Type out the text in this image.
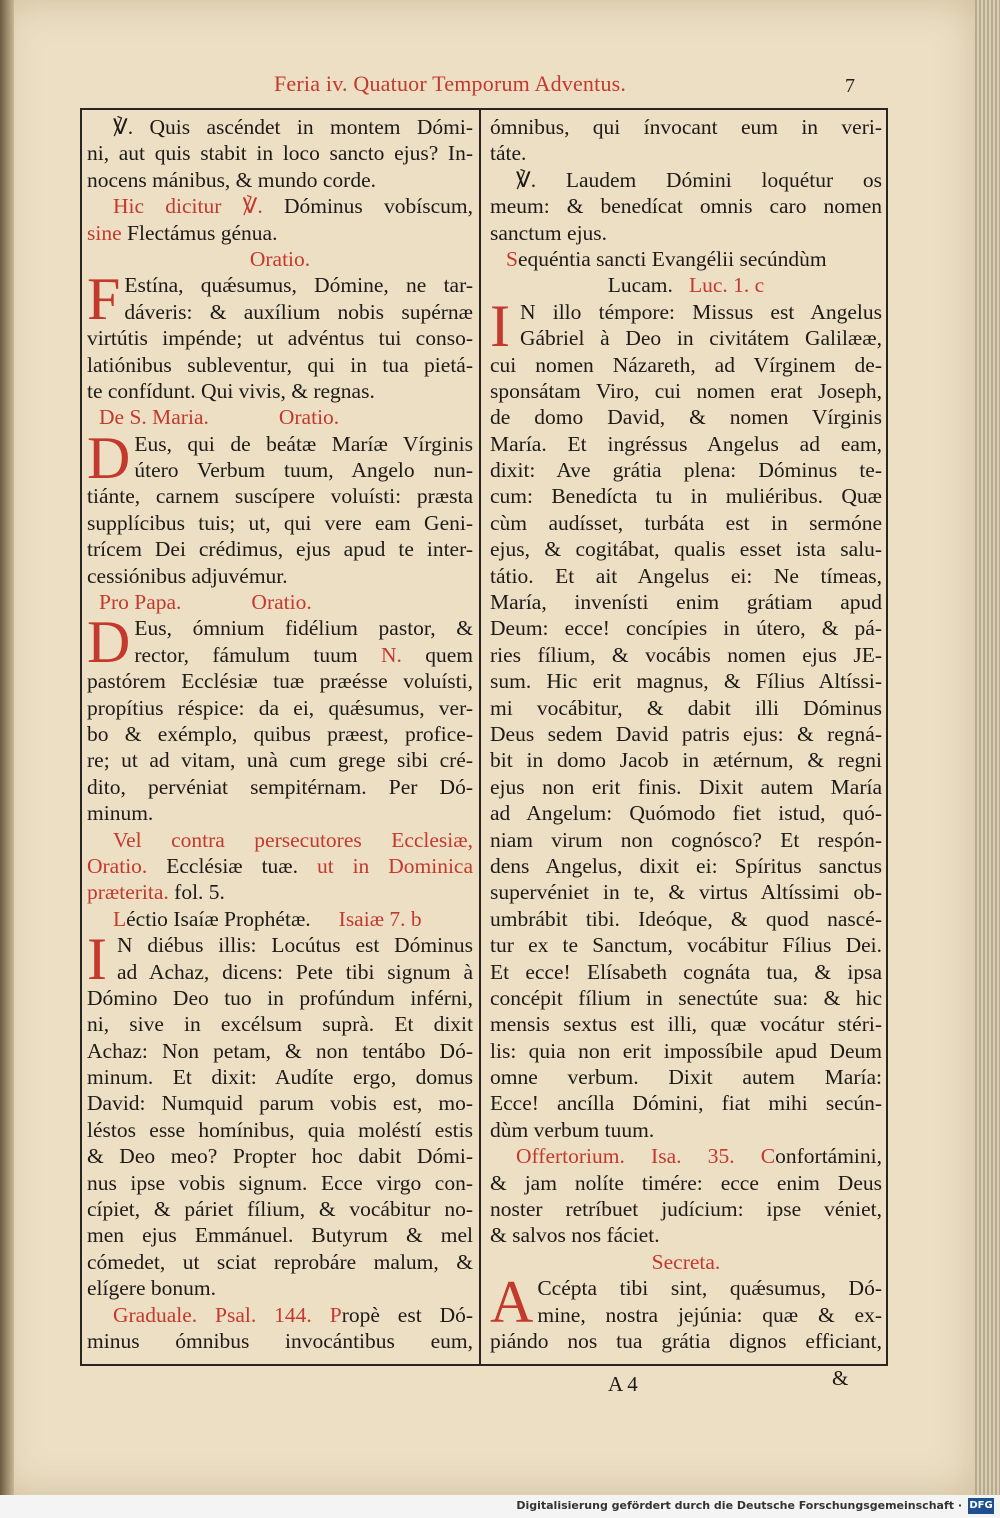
Feria iv. Quatuor Temporum Adventus.	7
℣. Quis ascéndet in montem Dómi-
ni, aut quis stabit in loco sancto ejus? In-
nocens mánibus, & mundo corde.
Hic dicitur ℣. Dóminus vobíscum,
sine Flectámus génua.
Oratio.
F Estína, quǽsumus, Dómine, ne tar-
dáveris: & auxílium nobis supérnæ
virtútis impénde; ut advéntus tui conso-
latiónibus subleventur, qui in tua pietá-
te confídunt. Qui vivis, & regnas.
De S. Maria.	Oratio.
D Eus, qui de beátæ Maríæ Vírginis
útero Verbum tuum, Angelo nun-
tiánte, carnem suscípere voluísti: præsta
supplícibus tuis; ut, qui vere eam Geni-
trícem Dei crédimus, ejus apud te inter-
cessiónibus adjuvémur.
Pro Papa.	Oratio.
D Eus, ómnium fidélium pastor, &
rector, fámulum tuum N. quem
pastórem Ecclésiæ tuæ præésse voluísti,
propítius réspice: da ei, quǽsumus, ver-
bo & exémplo, quibus præest, profice-
re; ut ad vitam, unà cum grege sibi cré-
dito, pervéniat sempitérnam. Per Dó-
minum.
Vel contra persecutores Ecclesiæ,
Oratio. Ecclésiæ tuæ. ut in Dominica
præterita. fol. 5.
Léctio Isaíæ Prophétæ. Isaiæ 7. b
I N diébus illis: Locútus est Dóminus
ad Achaz, dicens: Pete tibi signum à
Dómino Deo tuo in profúndum inférni,
ni, sive in excélsum suprà. Et dixit
Achaz: Non petam, & non tentábo Dó-
minum. Et dixit: Audíte ergo, domus
David: Numquid parum vobis est, mo-
léstos esse homínibus, quia moléstí estis
& Deo meo? Propter hoc dabit Dómi-
nus ipse vobis signum. Ecce virgo con-
cípiet, & páriet fílium, & vocábitur no-
men ejus Emmánuel. Butyrum & mel
cómedet, ut sciat reprobáre malum, &
elígere bonum.
Graduale. Psal. 144. Propè est Dó-
minus ómnibus invocántibus eum,
ómnibus, qui ínvocant eum in veri-
táte.
℣. Laudem Dómini loquétur os
meum: & benedícat omnis caro nomen
sanctum ejus.
Sequéntia sancti Evangélii secúndùm
Lucam. Luc. 1. c
I N illo témpore: Missus est Angelus
Gábriel à Deo in civitátem Galilææ,
cui nomen Názareth, ad Vírginem de-
sponsátam Viro, cui nomen erat Joseph,
de domo David, & nomen Vírginis
María. Et ingréssus Angelus ad eam,
dixit: Ave grátia plena: Dóminus te-
cum: Benedícta tu in muliéribus. Quæ
cùm audísset, turbáta est in sermóne
ejus, & cogitábat, qualis esset ista salu-
tátio. Et ait Angelus ei: Ne tímeas,
María, invenísti enim grátiam apud
Deum: ecce! concípies in útero, & pá-
ries fílium, & vocábis nomen ejus JE-
sum. Hic erit magnus, & Fílius Altíssi-
mi vocábitur, & dabit illi Dóminus
Deus sedem David patris ejus: & regná-
bit in domo Jacob in ætérnum, & regni
ejus non erit finis. Dixit autem María
ad Angelum: Quómodo fiet istud, quó-
niam virum non cognósco? Et respón-
dens Angelus, dixit ei: Spíritus sanctus
supervéniet in te, & virtus Altíssimi ob-
umbrábit tibi. Ideóque, & quod nascé-
tur ex te Sanctum, vocábitur Fílius Dei.
Et ecce! Elísabeth cognáta tua, & ipsa
concépit fílium in senectúte sua: & hic
mensis sextus est illi, quæ vocátur stéri-
lis: quia non erit impossíbile apud Deum
omne verbum. Dixit autem María:
Ecce! ancílla Dómini, fiat mihi secún-
dùm verbum tuum.
Offertorium. Isa. 35. Confortámini,
& jam nolíte timére: ecce enim Deus
noster retríbuet judícium: ipse véniet,
& salvos nos fáciet.
Secreta.
A Ccépta tibi sint, quǽsumus, Dó-
mine, nostra jejúnia: quæ & ex-
piándo nos tua grátia dignos efficiant,
A 4	&
Digitalisierung gefördert durch die Deutsche Forschungsgemeinschaft · DFG
